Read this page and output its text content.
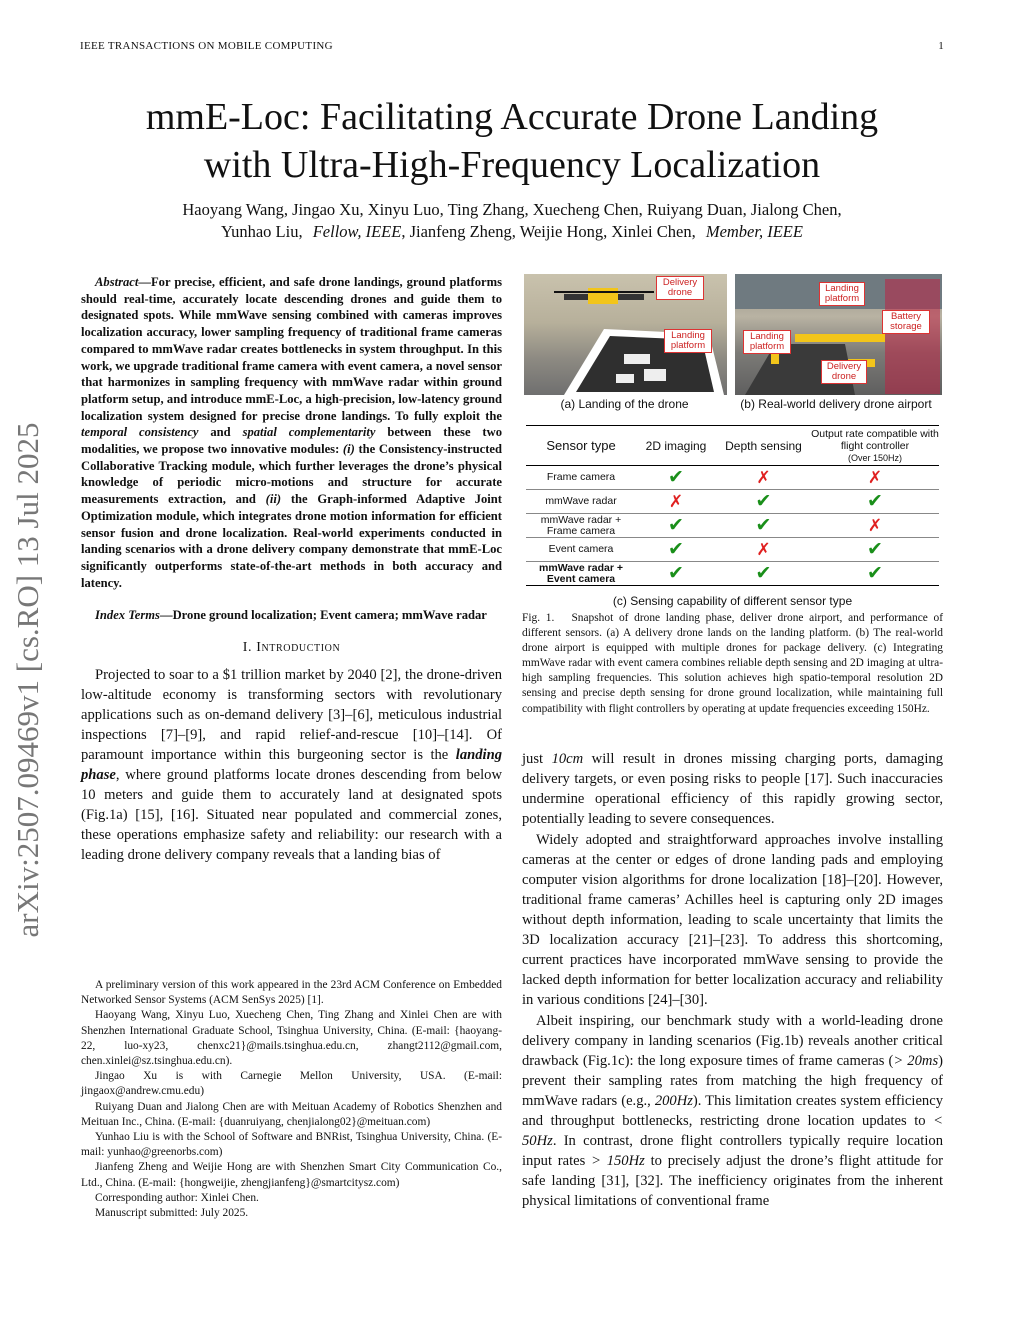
IEEE TRANSACTIONS ON MOBILE COMPUTING	1
arXiv:2507.09469v1 [cs.RO] 13 Jul 2025
mmE-Loc: Facilitating Accurate Drone Landing
with Ultra-High-Frequency Localization
Haoyang Wang, Jingao Xu, Xinyu Luo, Ting Zhang, Xuecheng Chen, Ruiyang Duan, Jialong Chen,
Yunhao Liu, Fellow, IEEE, Jianfeng Zheng, Weijie Hong, Xinlei Chen, Member, IEEE

Abstract—For precise, efficient, and safe drone landings, ground platforms should real-time, accurately locate descending drones and guide them to designated spots. While mmWave sensing combined with cameras improves localization accuracy, lower sampling frequency of traditional frame cameras compared to mmWave radar creates bottlenecks in system throughput. In this work, we upgrade traditional frame camera with event camera, a novel sensor that harmonizes in sampling frequency with mmWave radar within ground platform setup, and introduce mmE-Loc, a high-precision, low-latency ground localization system designed for precise drone landings. To fully exploit the temporal consistency and spatial complementarity between these two modalities, we propose two innovative modules: (i) the Consistency-instructed Collaborative Tracking module, which further leverages the drone’s physical knowledge of periodic micro-motions and structure for accurate measurements extraction, and (ii) the Graph-informed Adaptive Joint Optimization module, which integrates drone motion information for efficient sensor fusion and drone localization. Real-world experiments conducted in landing scenarios with a drone delivery company demonstrate that mmE-Loc significantly outperforms state-of-the-art methods in both accuracy and latency.

Index Terms—Drone ground localization; Event camera; mmWave radar

I. Introduction

Projected to soar to a $1 trillion market by 2040 [2], the drone-driven low-altitude economy is transforming sectors with revolutionary applications such as on-demand delivery [3]–[6], meticulous industrial inspections [7]–[9], and rapid relief-and-rescue [10]–[14]. Of paramount importance within this burgeoning sector is the landing phase, where ground platforms locate drones descending from below 10 meters and guide them to accurately land at designated spots (Fig.1a) [15], [16]. Situated near populated and commercial zones, these operations emphasize safety and reliability: our research with a leading drone delivery company reveals that a landing bias of

A preliminary version of this work appeared in the 23rd ACM Conference on Embedded Networked Sensor Systems (ACM SenSys 2025) [1].

Haoyang Wang, Xinyu Luo, Xuecheng Chen, Ting Zhang and Xinlei Chen are with Shenzhen International Graduate School, Tsinghua University, China. (E-mail: {haoyang-22, luo-xy23, chenxc21}@mails.tsinghua.edu.cn, zhangt2112@gmail.com, chen.xinlei@sz.tsinghua.edu.cn).

Jingao Xu is with Carnegie Mellon University, USA. (E-mail: jingaox@andrew.cmu.edu)

Ruiyang Duan and Jialong Chen are with Meituan Academy of Robotics Shenzhen and Meituan Inc., China. (E-mail: {duanruiyang, chenjialong02}@meituan.com)

Yunhao Liu is with the School of Software and BNRist, Tsinghua University, China. (E-mail: yunhao@greenorbs.com)

Jianfeng Zheng and Weijie Hong are with Shenzhen Smart City Communication Co., Ltd., China. (E-mail: {hongweijie, zhengjianfeng}@smartcitysz.com)

Corresponding author: Xinlei Chen.

Manuscript submitted: July 2025.

Delivery drone
Landing platform
Landing platform
Battery storage
Landing platform
Delivery drone
(a) Landing of the drone	(b) Real-world delivery drone airport
Sensor type	2D imaging	Depth sensing	Output rate compatible with flight controller
(Over 150Hz)

Frame camera	✔	✗	✗
mmWave radar	✗	✔	✔
mmWave radar + Frame camera	✔	✔	✗
Event camera	✔	✗	✔
mmWave radar + Event camera	✔	✔	✔
(c) Sensing capability of different sensor type
Fig. 1. Snapshot of drone landing phase, deliver drone airport, and performance of different sensors. (a) A delivery drone lands on the landing platform. (b) The real-world drone airport is equipped with multiple drones for package delivery. (c) Integrating mmWave radar with event camera combines reliable depth sensing and 2D imaging at ultra-high sampling frequencies. This solution achieves high spatio-temporal resolution 2D sensing and precise depth sensing for drone ground localization, while maintaining full compatibility with flight controllers by operating at update frequencies exceeding 150Hz.

just 10cm will result in drones missing charging ports, damaging delivery targets, or even posing risks to people [17]. Such inaccuracies undermine operational efficiency of this rapidly growing sector, potentially leading to severe consequences.

Widely adopted and straightforward approaches involve installing cameras at the center or edges of drone landing pads and employing computer vision algorithms for drone localization [18]–[20]. However, traditional frame cameras’ Achilles heel is capturing only 2D images without depth information, leading to scale uncertainty that limits the 3D localization accuracy [21]–[23]. To address this shortcoming, current practices have incorporated mmWave sensing to provide the lacked depth information for better localization accuracy and reliability in various conditions [24]–[30].

Albeit inspiring, our benchmark study with a world-leading drone delivery company in landing scenarios (Fig.1b) reveals another critical drawback (Fig.1c): the long exposure times of frame cameras (> 20ms) prevent their sampling rates from matching the high frequency of mmWave radars (e.g., 200Hz). This limitation creates system efficiency and throughput bottlenecks, restricting drone location updates to < 50Hz. In contrast, drone flight controllers typically require location input rates > 150Hz to precisely adjust the drone’s flight attitude for safe landing [31], [32]. The inefficiency originates from the inherent physical limitations of conventional frame
